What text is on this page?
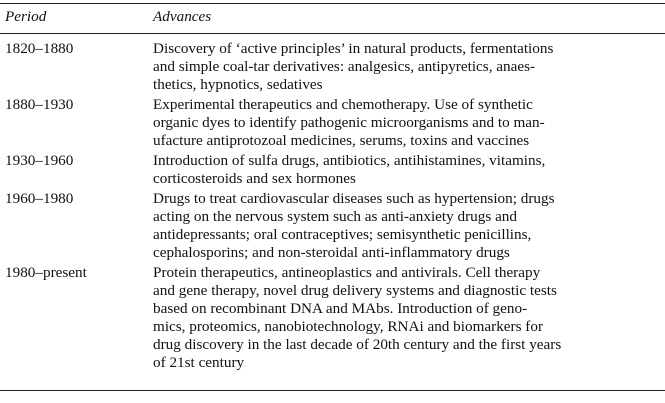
Period	Advances
1820–1880	Discovery of ‘active principles’ in natural products, fermentations
and simple coal-tar derivatives: analgesics, antipyretics, anaes-
thetics, hypnotics, sedatives
1880–1930	Experimental therapeutics and chemotherapy. Use of synthetic
organic dyes to identify pathogenic microorganisms and to man-
ufacture antiprotozoal medicines, serums, toxins and vaccines
1930–1960	Introduction of sulfa drugs, antibiotics, antihistamines, vitamins,
corticosteroids and sex hormones
1960–1980	Drugs to treat cardiovascular diseases such as hypertension; drugs
acting on the nervous system such as anti-anxiety drugs and
antidepressants; oral contraceptives; semisynthetic penicillins,
cephalosporins; and non-steroidal anti-inflammatory drugs
1980–present	Protein therapeutics, antineoplastics and antivirals. Cell therapy
and gene therapy, novel drug delivery systems and diagnostic tests
based on recombinant DNA and MAbs. Introduction of geno-
mics, proteomics, nanobiotechnology, RNAi and biomarkers for
drug discovery in the last decade of 20th century and the first years
of 21st century
